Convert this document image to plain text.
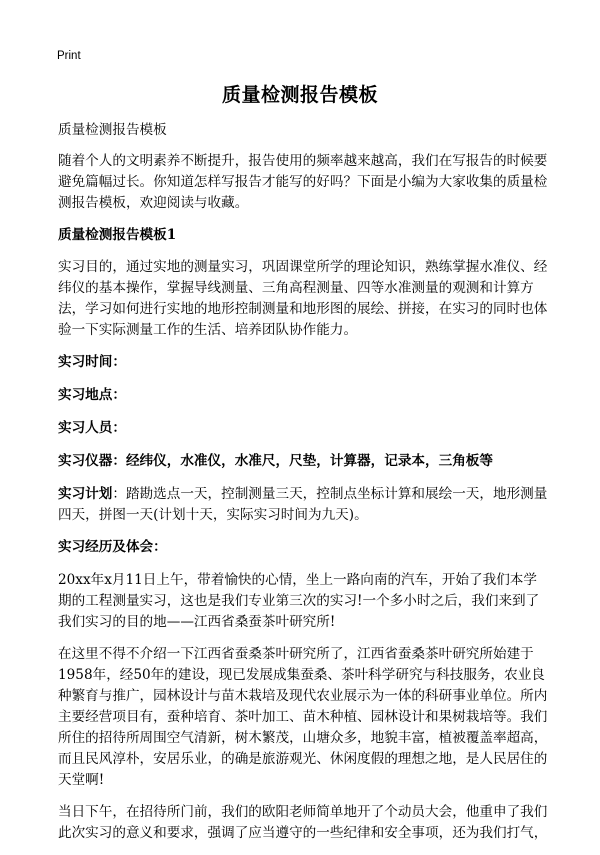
Print
质量检测报告模板

质量检测报告模板

随着个人的文明素养不断提升，报告使用的频率越来越高，我们在写报告的时候要避免篇幅过长。你知道怎样写报告才能写的好吗？下面是小编为大家收集的质量检测报告模板，欢迎阅读与收藏。

质量检测报告模板1

实习目的，通过实地的测量实习，巩固课堂所学的理论知识，熟练掌握水准仪、经纬仪的基本操作，掌握导线测量、三角高程测量、四等水准测量的观测和计算方法，学习如何进行实地的地形控制测量和地形图的展绘、拼接，在实习的同时也体验一下实际测量工作的生活、培养团队协作能力。

实习时间：

实习地点：

实习人员：

实习仪器：经纬仪，水准仪，水准尺，尺垫，计算器，记录本，三角板等

实习计划：踏勘选点一天，控制测量三天，控制点坐标计算和展绘一天，地形测量四天，拼图一天(计划十天，实际实习时间为九天)。

实习经历及体会：

20xx年x月11日上午，带着愉快的心情，坐上一路向南的汽车，开始了我们本学期的工程测量实习，这也是我们专业第三次的实习!一个多小时之后，我们来到了我们实习的目的地——江西省桑蚕茶叶研究所!

在这里不得不介绍一下江西省蚕桑茶叶研究所了，江西省蚕桑茶叶研究所始建于1958年，经50年的建设，现已发展成集蚕桑、茶叶科学研究与科技服务，农业良种繁育与推广，园林设计与苗木栽培及现代农业展示为一体的科研事业单位。所内主要经营项目有，蚕种培育、茶叶加工、苗木种植、园林设计和果树栽培等。我们所住的招待所周围空气清新，树木繁茂，山塘众多，地貌丰富，植被覆盖率超高，而且民风淳朴，安居乐业，的确是旅游观光、休闲度假的理想之地，是人民居住的天堂啊!

当日下午，在招待所门前，我们的欧阳老师简单地开了个动员大会，他重申了我们此次实习的意义和要求，强调了应当遵守的一些纪律和安全事项，还为我们打气，
